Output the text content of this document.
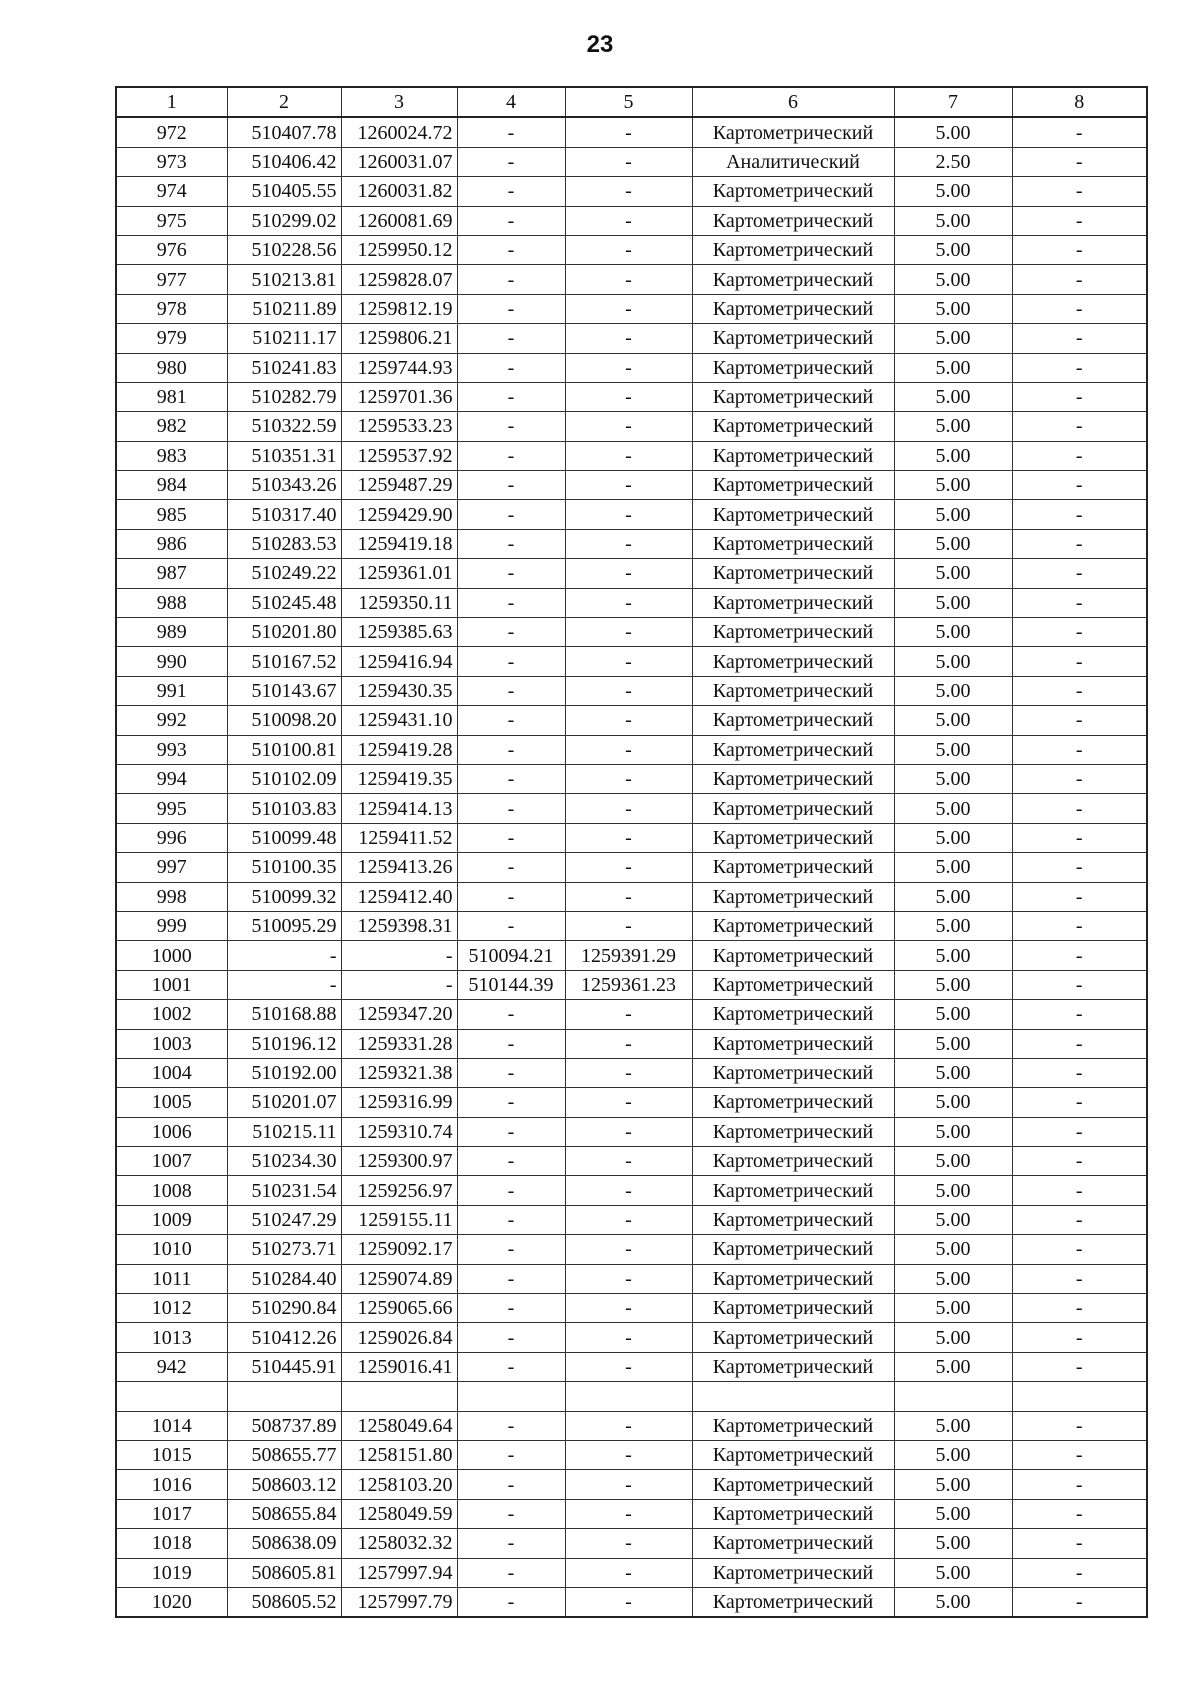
23
1	2	3	4	5	6	7	8
972	510407.78	1260024.72	-	-	Картометрический	5.00	-
973	510406.42	1260031.07	-	-	Аналитический	2.50	-
974	510405.55	1260031.82	-	-	Картометрический	5.00	-
975	510299.02	1260081.69	-	-	Картометрический	5.00	-
976	510228.56	1259950.12	-	-	Картометрический	5.00	-
977	510213.81	1259828.07	-	-	Картометрический	5.00	-
978	510211.89	1259812.19	-	-	Картометрический	5.00	-
979	510211.17	1259806.21	-	-	Картометрический	5.00	-
980	510241.83	1259744.93	-	-	Картометрический	5.00	-
981	510282.79	1259701.36	-	-	Картометрический	5.00	-
982	510322.59	1259533.23	-	-	Картометрический	5.00	-
983	510351.31	1259537.92	-	-	Картометрический	5.00	-
984	510343.26	1259487.29	-	-	Картометрический	5.00	-
985	510317.40	1259429.90	-	-	Картометрический	5.00	-
986	510283.53	1259419.18	-	-	Картометрический	5.00	-
987	510249.22	1259361.01	-	-	Картометрический	5.00	-
988	510245.48	1259350.11	-	-	Картометрический	5.00	-
989	510201.80	1259385.63	-	-	Картометрический	5.00	-
990	510167.52	1259416.94	-	-	Картометрический	5.00	-
991	510143.67	1259430.35	-	-	Картометрический	5.00	-
992	510098.20	1259431.10	-	-	Картометрический	5.00	-
993	510100.81	1259419.28	-	-	Картометрический	5.00	-
994	510102.09	1259419.35	-	-	Картометрический	5.00	-
995	510103.83	1259414.13	-	-	Картометрический	5.00	-
996	510099.48	1259411.52	-	-	Картометрический	5.00	-
997	510100.35	1259413.26	-	-	Картометрический	5.00	-
998	510099.32	1259412.40	-	-	Картометрический	5.00	-
999	510095.29	1259398.31	-	-	Картометрический	5.00	-
1000	-	-	510094.21	1259391.29	Картометрический	5.00	-
1001	-	-	510144.39	1259361.23	Картометрический	5.00	-
1002	510168.88	1259347.20	-	-	Картометрический	5.00	-
1003	510196.12	1259331.28	-	-	Картометрический	5.00	-
1004	510192.00	1259321.38	-	-	Картометрический	5.00	-
1005	510201.07	1259316.99	-	-	Картометрический	5.00	-
1006	510215.11	1259310.74	-	-	Картометрический	5.00	-
1007	510234.30	1259300.97	-	-	Картометрический	5.00	-
1008	510231.54	1259256.97	-	-	Картометрический	5.00	-
1009	510247.29	1259155.11	-	-	Картометрический	5.00	-
1010	510273.71	1259092.17	-	-	Картометрический	5.00	-
1011	510284.40	1259074.89	-	-	Картометрический	5.00	-
1012	510290.84	1259065.66	-	-	Картометрический	5.00	-
1013	510412.26	1259026.84	-	-	Картометрический	5.00	-
942	510445.91	1259016.41	-	-	Картометрический	5.00	-

1014	508737.89	1258049.64	-	-	Картометрический	5.00	-
1015	508655.77	1258151.80	-	-	Картометрический	5.00	-
1016	508603.12	1258103.20	-	-	Картометрический	5.00	-
1017	508655.84	1258049.59	-	-	Картометрический	5.00	-
1018	508638.09	1258032.32	-	-	Картометрический	5.00	-
1019	508605.81	1257997.94	-	-	Картометрический	5.00	-
1020	508605.52	1257997.79	-	-	Картометрический	5.00	-
